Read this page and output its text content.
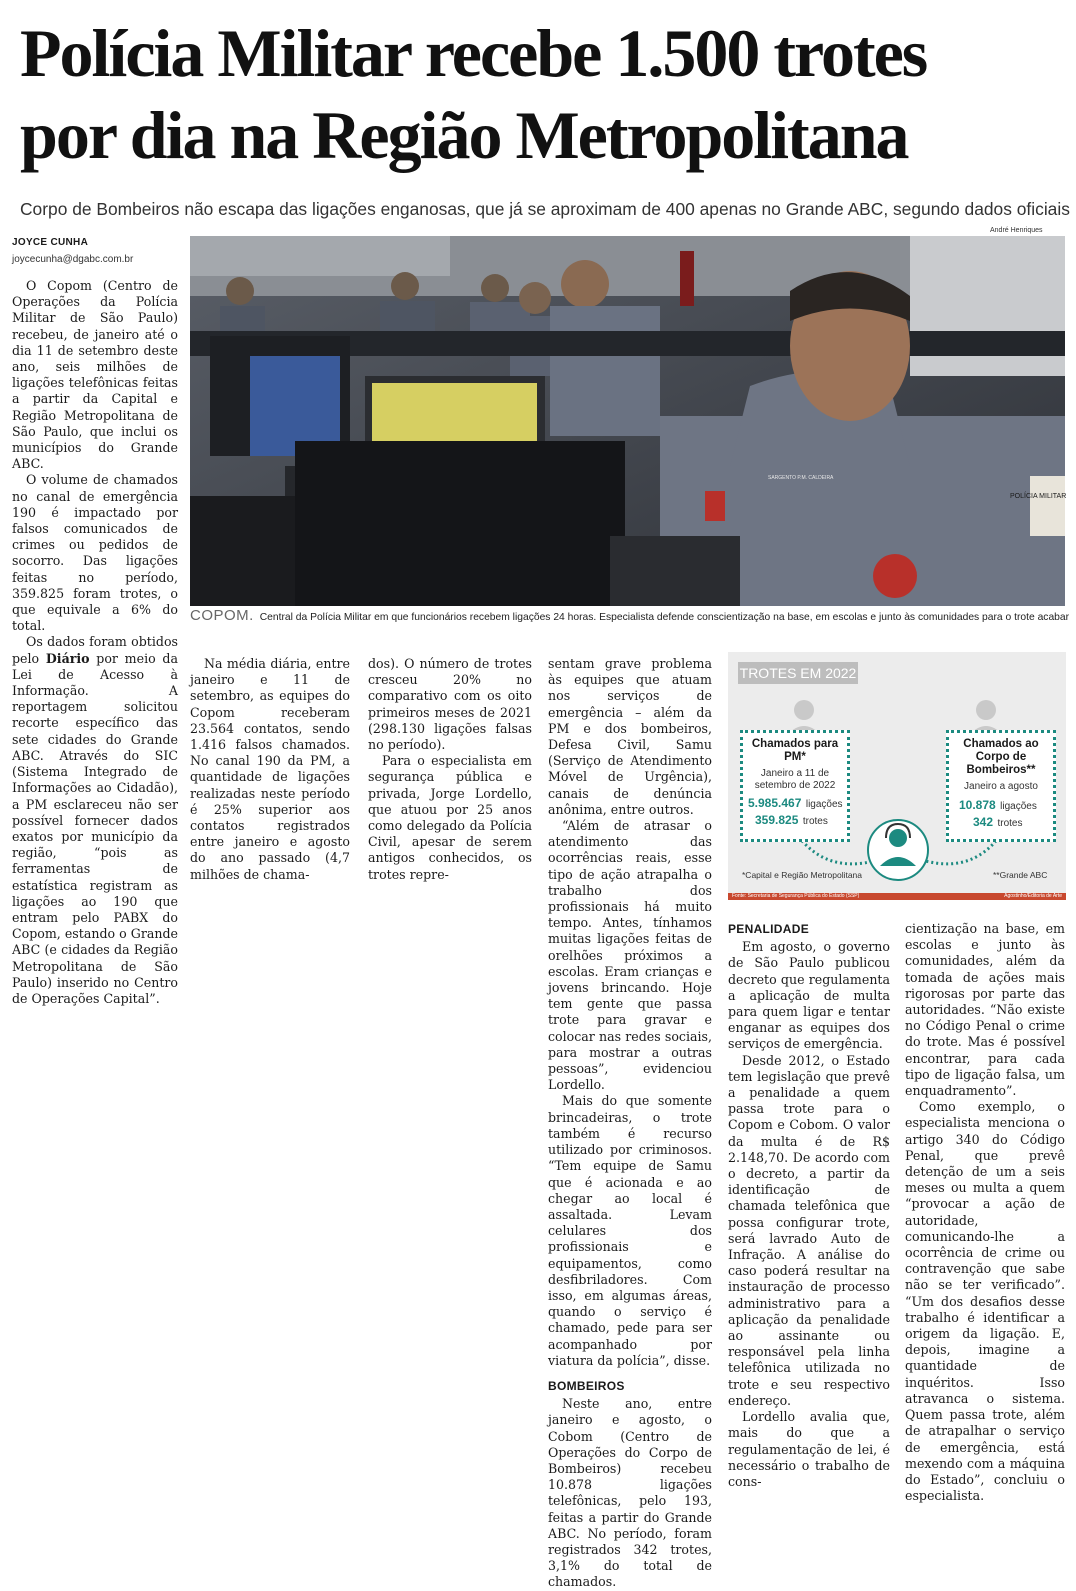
Polícia Militar recebe 1.500 trotes
por dia na Região Metropolitana
Corpo de Bombeiros não escapa das ligações enganosas, que já se aproximam de 400 apenas no Grande ABC, segundo dados oficiais
JOYCE CUNHA
joycecunha@dgabc.com.br
André Henriques
POLÍCIA MILITAR
SARGENTO P.M. CALDEIRA
COPOM. Central da Polícia Militar em que funcionários recebem ligações 24 horas. Especialista defende conscientização na base, em escolas e junto às comunidades para o trote acabar

O Copom (Centro de Operações da Polícia Militar de São Paulo) recebeu, de janeiro até o dia 11 de setembro deste ano, seis milhões de ligações telefônicas feitas a partir da Capital e Região Metropolitana de São Paulo, que inclui os municípios do Grande ABC.

O volume de chamados no canal de emergência 190 é impactado por falsos comunicados de crimes ou pedidos de socorro. Das ligações feitas no período, 359.825 foram trotes, o que equivale a 6% do total.

Os dados foram obtidos pelo Diário por meio da Lei de Acesso à Informação. A reportagem solicitou recorte específico das sete cidades do Grande ABC. Através do SIC (Sistema Integrado de Informações ao Cidadão), a PM esclareceu não ser possível fornecer dados exatos por município da região, “pois as ferramentas de estatística registram as ligações ao 190 que entram pelo PABX do Copom, estando o Grande ABC (e cidades da Região Metropolitana de São Paulo) inserido no Centro de Operações Capital”.

Na média diária, entre janeiro e 11 de setembro, as equipes do Copom receberam 23.564 contatos, sendo 1.416 falsos chamados. No canal 190 da PM, a quantidade de ligações realizadas neste período é 25% superior aos contatos registrados entre janeiro e agosto do ano passado (4,7 milhões de chama-

dos). O número de trotes cresceu 20% no comparativo com os oito primeiros meses de 2021 (298.130 ligações falsas no período).

Para o especialista em segurança pública e privada, Jorge Lordello, que atuou por 25 anos como delegado da Polícia Civil, apesar de serem antigos conhecidos, os trotes repre-

sentam grave problema às equipes que atuam nos serviços de emergência – além da PM e dos bombeiros, Defesa Civil, Samu (Serviço de Atendimento Móvel de Urgência), canais de denúncia anônima, entre outros.

“Além de atrasar o atendimento das ocorrências reais, esse tipo de ação atrapalha o trabalho dos profissionais há muito tempo. Antes, tínhamos muitas ligações feitas de orelhões próximos a escolas. Eram crianças e jovens brincando. Hoje tem gente que passa trote para gravar e colocar nas redes sociais, para mostrar a outras pessoas”, evidenciou Lordello.

Mais do que somente brincadeiras, o trote também é recurso utilizado por criminosos. “Tem equipe de Samu que é acionada e ao chegar ao local é assaltada. Levam celulares dos profissionais e equipamentos, como desfibriladores. Com isso, em algumas áreas, quando o serviço é chamado, pede para ser acompanhado por viatura da polícia”, disse.

BOMBEIROS

Neste ano, entre janeiro e agosto, o Cobom (Centro de Operações do Corpo de Bombeiros) recebeu 10.878 ligações telefônicas, pelo 193, feitas a partir do Grande ABC. No período, foram registrados 342 trotes, 3,1% do total de chamados.

TROTES EM 2022
Chamados para PM*
Janeiro a 11 de setembro de 2022
5.985.467 ligações
359.825 trotes
Chamados ao Corpo de Bombeiros**
Janeiro a agosto
10.878 ligações
342 trotes
*Capital e Região Metropolitana	**Grande ABC
Fonte: Secretaria de Segurança Pública do Estado (SSP)	Agostinho/Editoria de Arte
PENALIDADE

Em agosto, o governo de São Paulo publicou decreto que regulamenta a aplicação de multa para quem ligar e tentar enganar as equipes dos serviços de emergência.

Desde 2012, o Estado tem legislação que prevê a penalidade a quem passa trote para o Copom e Cobom. O valor da multa é de R$ 2.148,70. De acordo com o decreto, a partir da identificação de chamada telefônica que possa configurar trote, será lavrado Auto de Infração. A análise do caso poderá resultar na instauração de processo administrativo para a aplicação da penalidade ao assinante ou responsável pela linha telefônica utilizada no trote e seu respectivo endereço.

Lordello avalia que, mais do que a regulamentação de lei, é necessário o trabalho de cons-

cientização na base, em escolas e junto às comunidades, além da tomada de ações mais rigorosas por parte das autoridades. “Não existe no Código Penal o crime do trote. Mas é possível encontrar, para cada tipo de ligação falsa, um enquadramento”.

Como exemplo, o especialista menciona o artigo 340 do Código Penal, que prevê detenção de um a seis meses ou multa a quem “provocar a ação de autoridade, comunicando-lhe a ocorrência de crime ou contravenção que sabe não se ter verificado”. “Um dos desafios desse trabalho é identificar a origem da ligação. E, depois, imagine a quantidade de inquéritos. Isso atravanca o sistema. Quem passa trote, além de atrapalhar o serviço de emergência, está mexendo com a máquina do Estado”, concluiu o especialista.
